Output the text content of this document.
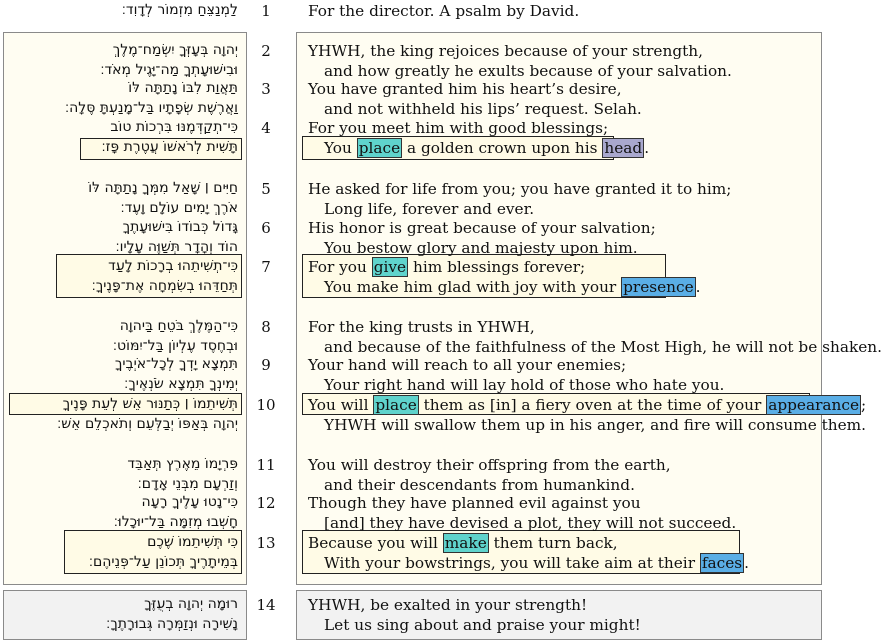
1
לַמְנַצֵּחַ מִזְמוֹר לְדָוִד׃	For the director. A psalm by David.
2
יְהוָה בְּעָזְּךָ יִשְׂמַח־מֶלֶךְ
וּבִישׁוּעָתְךָ מַה־יָּגֶיל מְאֹד׃
YHWH, the king rejoices because of your strength,
and how greatly he exults because of your salvation.
3
תַּאֲוַת לִבּוֹ נָתַתָּה לּוֹ
וַאֲרֶשֶׁת שְׂפָתָיו בַּל־מָנַעְתָּ סֶּלָה׃
You have granted him his heart’s desire,
and not withheld his lips’ request. Selah.
4
כִּי־תְקַדְּמֶנּוּ בִּרְכוֹת טוֹב
תָּשִׁית לְרֹאשׁוֹ עֲטֶרֶת פָּז׃
For you meet him with good blessings;
You place a golden crown upon his head .
5
חַיִּים ׀ שָׁאַל מִמְּךָ נָתַתָּה לּוֹ
אֹרֶךְ יָמִים עוֹלָם וָעֶד׃
He asked for life from you; you have granted it to him;
Long life, forever and ever.
6
גָּדוֹל כְּבוֹדוֹ בִּישׁוּעָתֶךָ
הוֹד וְהָדָר תְּשַׁוֶּה עָלָיו׃
His honor is great because of your salvation;
You bestow glory and majesty upon him.
7
כִּי־תְשִׁיתֵהוּ בְרָכוֹת לָעַד
תְּחַדֵּהוּ בְשִׂמְחָה אֶת־פָּנֶיךָ׃
For you give him blessings forever;
You make him glad with joy with your presence .
8
כִּי־הַמֶּלֶךְ בֹּטֵחַ בַּיהוָה
וּבְחֶסֶד עֶלְיוֹן בַּל־יִמּוֹט׃
For the king trusts in YHWH,
and because of the faithfulness of the Most High, he will not be shaken.
9
תִּמְצָא יָדְךָ לְכָל־אֹיְבֶיךָ
יְמִינְךָ תִּמְצָא שֹׂנְאֶיךָ׃
Your hand will reach to all your enemies;
Your right hand will lay hold of those who hate you.
10
תְּשִׁיתֵמוֹ ׀ כְּתַנּוּר אֵשׁ לְעֵת פָּנֶיךָ
יְהוָה בְּאַפּוֹ יְבַלְּעֵם וְתֹאכְלֵם אֵשׁ׃
You will place them as [in] a fiery oven at the time of your appearance ;
YHWH will swallow them up in his anger, and fire will consume them.
11
פִּרְיָמוֹ מֵאֶרֶץ תְּאַבֵּד
וְזַרְעָם מִבְּנֵי אָדָם׃
You will destroy their offspring from the earth,
and their descendants from humankind.
12
כִּי־נָטוּ עָלֶיךָ רָעָה
חָשְׁבוּ מְזִמָּה בַּל־יוּכָלוּ׃
Though they have planned evil against you
[and] they have devised a plot, they will not succeed.
13
כִּי תְּשִׁיתֵמוֹ שֶׁכֶם
בְּמֵיתָרֶיךָ תְּכוֹנֵן עַל־פְּנֵיהֶם׃
Because you will make them turn back,
With your bowstrings, you will take aim at their faces .
14
רוּמָה יְהוָה בְעֻזֶּךָ
נָשִׁירָה וּנְזַמְּרָה גְּבוּרָתֶךָ׃
YHWH, be exalted in your strength!
Let us sing about and praise your might!
